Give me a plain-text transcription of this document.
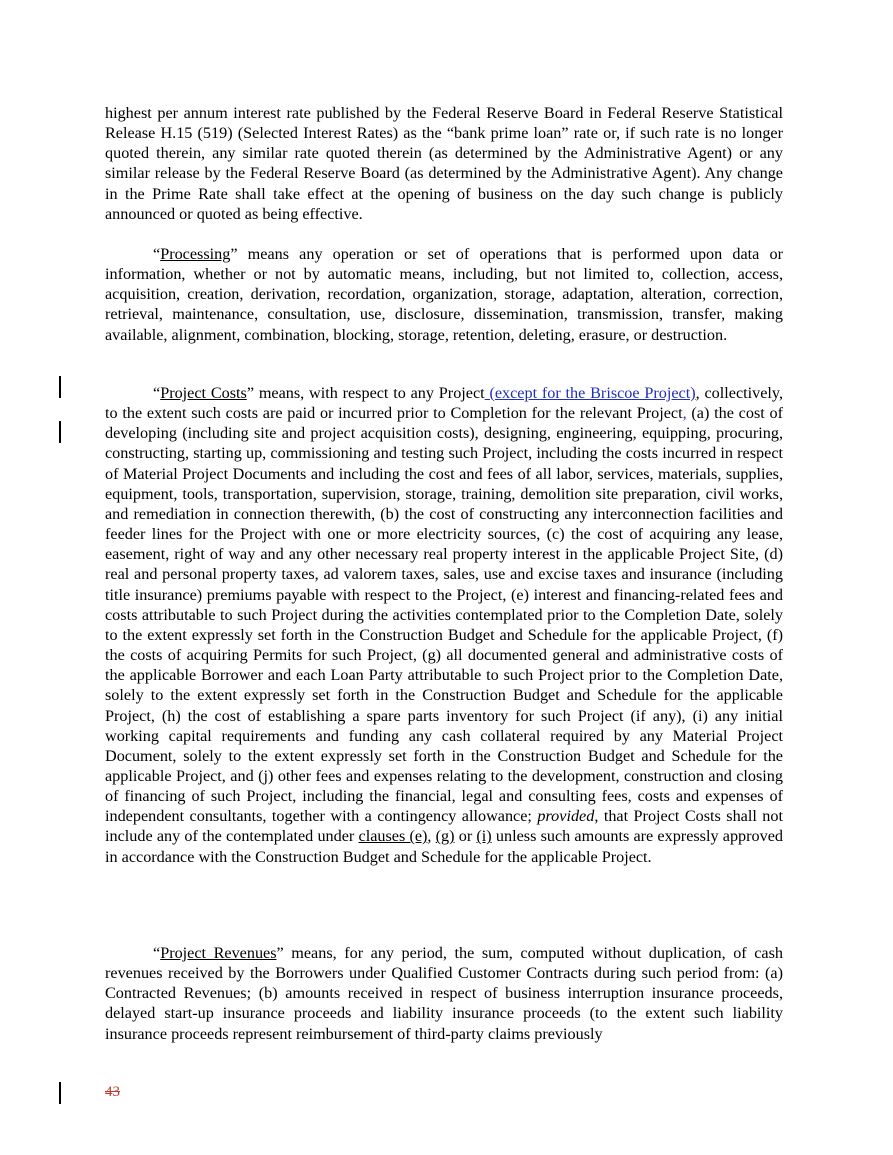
highest per annum interest rate published by the Federal Reserve Board in Federal Reserve Statistical Release H.15 (519) (Selected Interest Rates) as the “bank prime loan” rate or, if such rate is no longer quoted therein, any similar rate quoted therein (as determined by the Administrative Agent) or any similar release by the Federal Reserve Board (as determined by the Administrative Agent). Any change in the Prime Rate shall take effect at the opening of business on the day such change is publicly announced or quoted as being effective.

“Processing” means any operation or set of operations that is performed upon data or information, whether or not by automatic means, including, but not limited to, collection, access, acquisition, creation, derivation, recordation, organization, storage, adaptation, alteration, correction, retrieval, maintenance, consultation, use, disclosure, dissemination, transmission, transfer, making available, alignment, combination, blocking, storage, retention, deleting, erasure, or destruction.

“Project Costs” means, with respect to any Project (except for the Briscoe Project), collectively, to the extent such costs are paid or incurred prior to Completion for the relevant Project, (a) the cost of developing (including site and project acquisition costs), designing, engineering, equipping, procuring, constructing, starting up, commissioning and testing such Project, including the costs incurred in respect of Material Project Documents and including the cost and fees of all labor, services, materials, supplies, equipment, tools, transportation, supervision, storage, training, demolition site preparation, civil works, and remediation in connection therewith, (b) the cost of constructing any interconnection facilities and feeder lines for the Project with one or more electricity sources, (c) the cost of acquiring any lease, easement, right of way and any other necessary real property interest in the applicable Project Site, (d) real and personal property taxes, ad valorem taxes, sales, use and excise taxes and insurance (including title insurance) premiums payable with respect to the Project, (e) interest and financing-related fees and costs attributable to such Project during the activities contemplated prior to the Completion Date, solely to the extent expressly set forth in the Construction Budget and Schedule for the applicable Project, (f) the costs of acquiring Permits for such Project, (g) all documented general and administrative costs of the applicable Borrower and each Loan Party attributable to such Project prior to the Completion Date, solely to the extent expressly set forth in the Construction Budget and Schedule for the applicable Project, (h) the cost of establishing a spare parts inventory for such Project (if any), (i) any initial working capital requirements and funding any cash collateral required by any Material Project Document, solely to the extent expressly set forth in the Construction Budget and Schedule for the applicable Project, and (j) other fees and expenses relating to the development, construction and closing of financing of such Project, including the financial, legal and consulting fees, costs and expenses of independent consultants, together with a contingency allowance; provided, that Project Costs shall not include any of the contemplated under clauses (e), (g) or (i) unless such amounts are expressly approved in accordance with the Construction Budget and Schedule for the applicable Project.

“Project Revenues” means, for any period, the sum, computed without duplication, of cash revenues received by the Borrowers under Qualified Customer Contracts during such period from: (a) Contracted Revenues; (b) amounts received in respect of business interruption insurance proceeds, delayed start-up insurance proceeds and liability insurance proceeds (to the extent such liability insurance proceeds represent reimbursement of third-party claims previously

43
